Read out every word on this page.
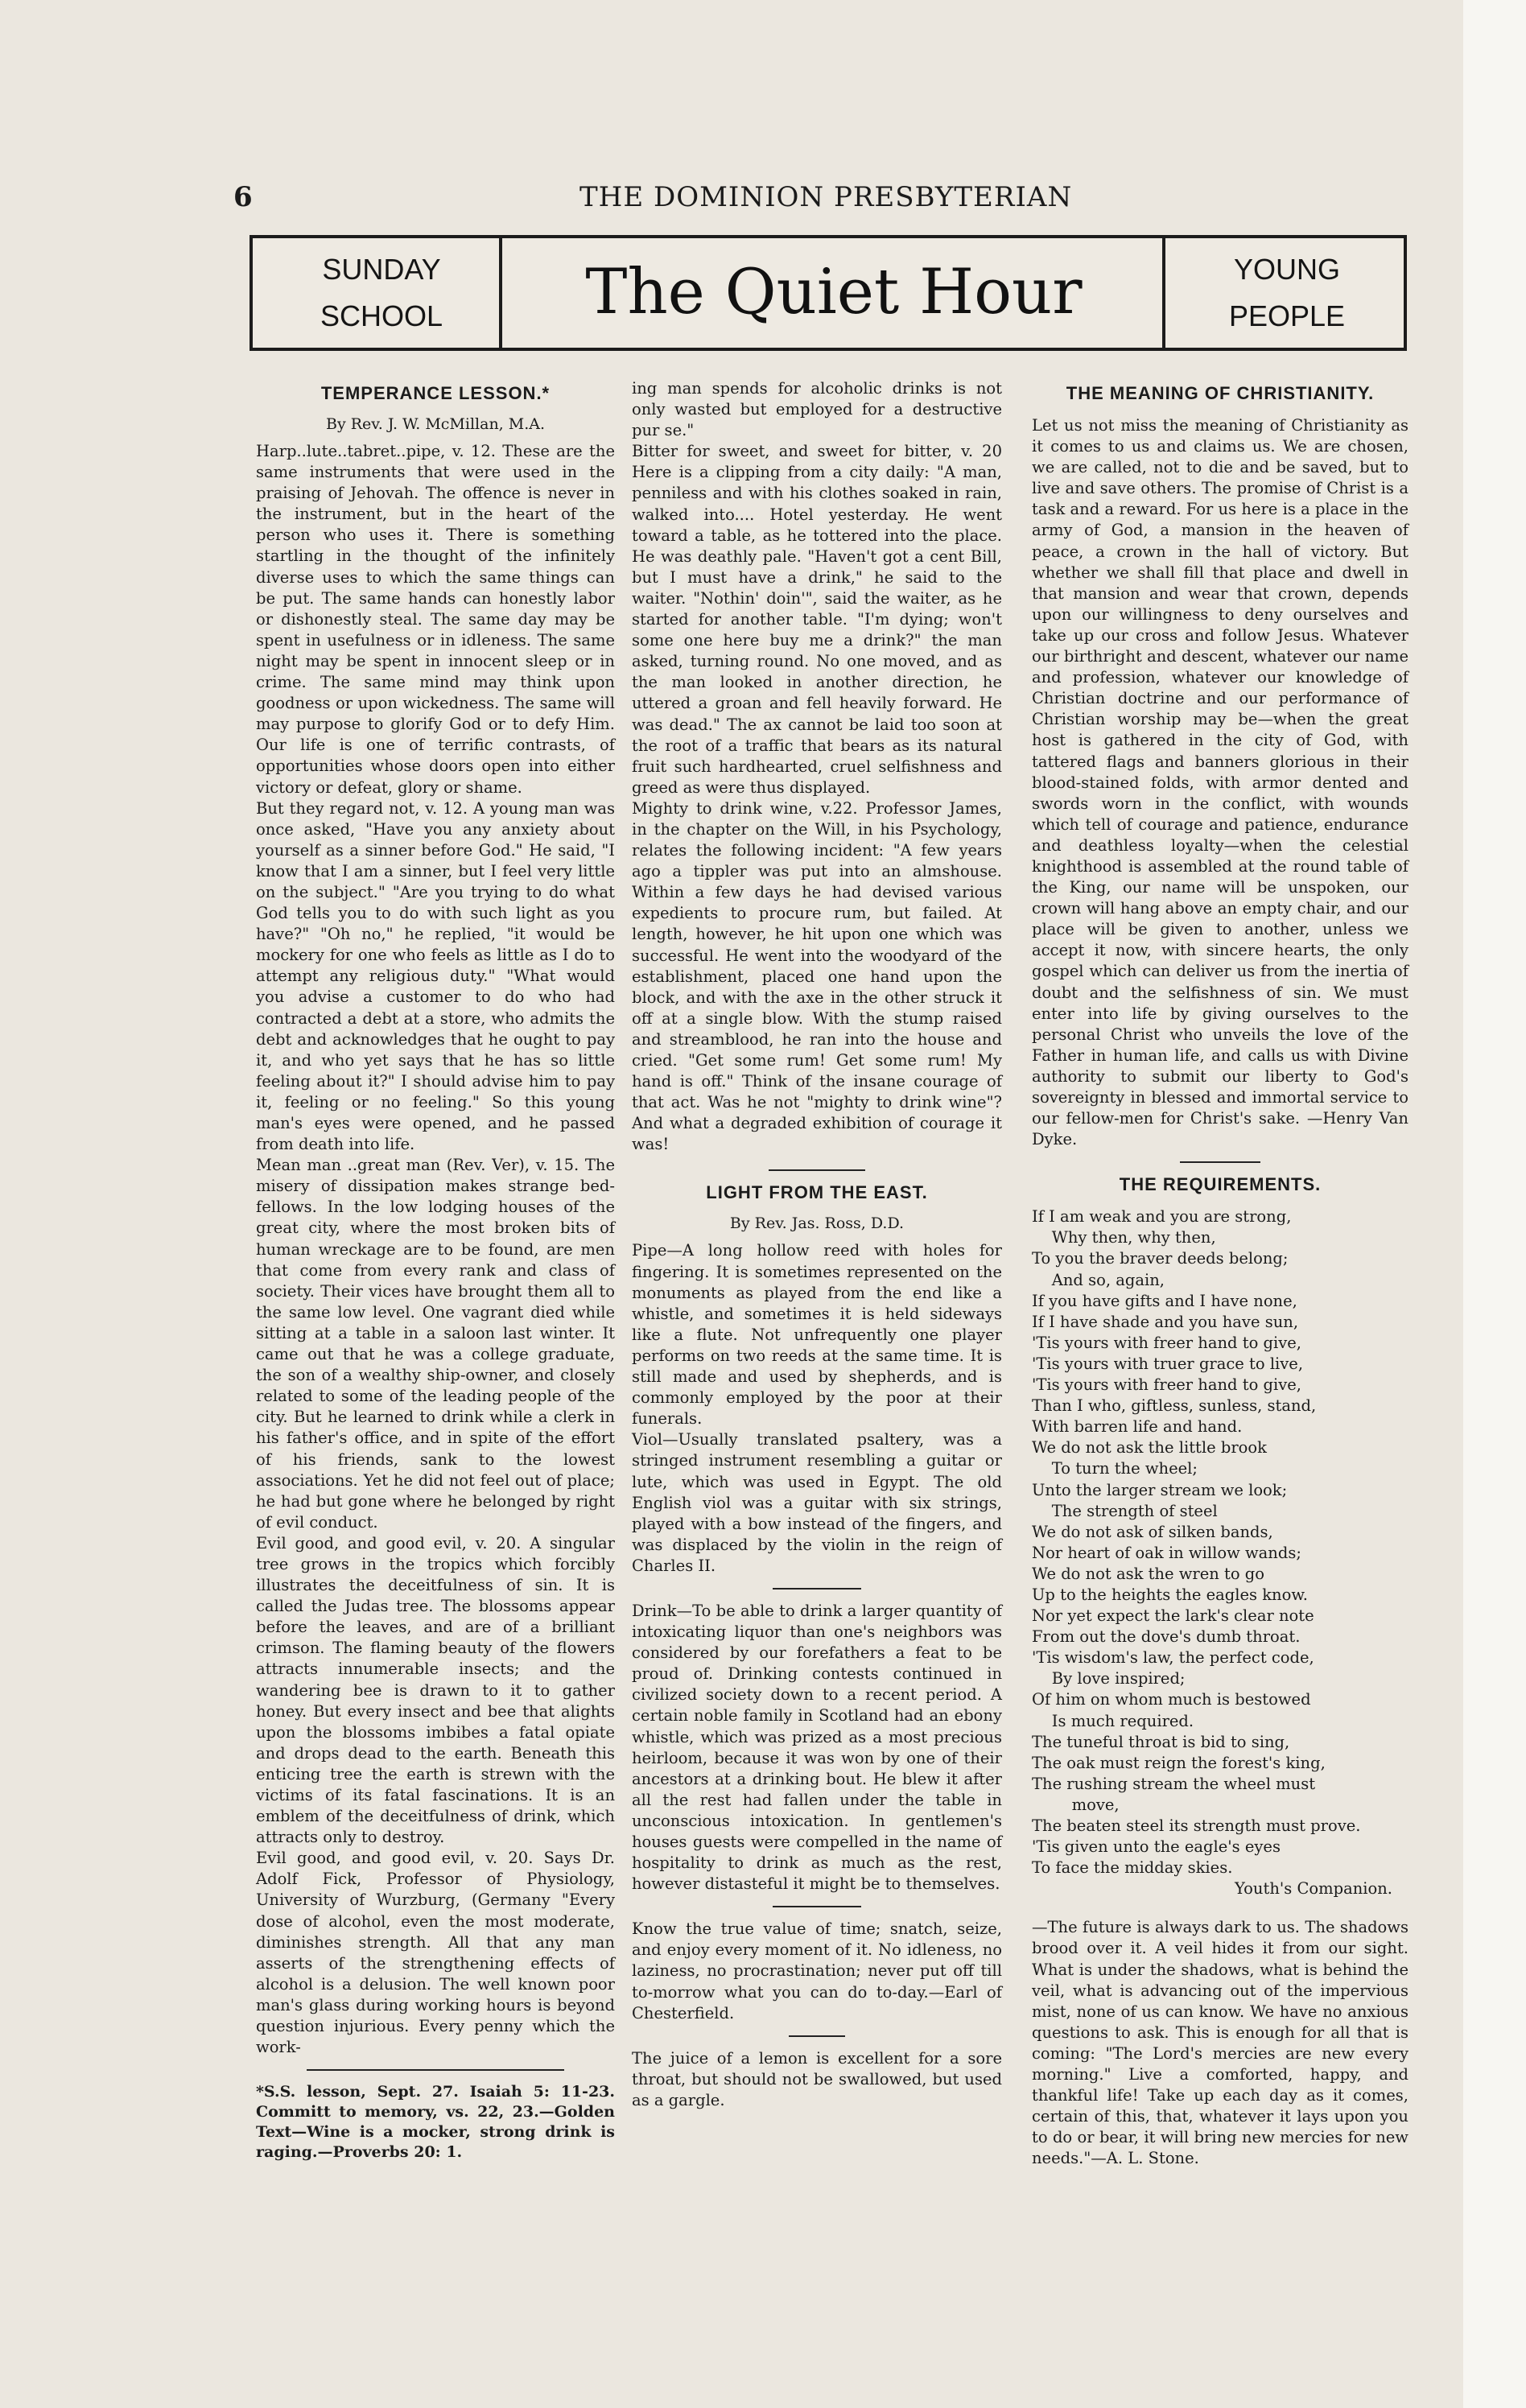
6	THE DOMINION PRESBYTERIAN
SUNDAY
SCHOOL	The Quiet Hour	YOUNG
PEOPLE
TEMPERANCE LESSON.*
By Rev. J. W. McMillan, M.A.

Harp..lute..tabret..pipe, v. 12. These are the same instruments that were used in the praising of Jehovah. The offence is never in the instrument, but in the heart of the person who uses it. There is something startling in the thought of the infinitely diverse uses to which the same things can be put. The same hands can honestly labor or dishonestly steal. The same day may be spent in usefulness or in idleness. The same night may be spent in innocent sleep or in crime. The same mind may think upon goodness or upon wickedness. The same will may purpose to glorify God or to defy Him. Our life is one of terrific contrasts, of opportunities whose doors open into either victory or defeat, glory or shame.

But they regard not, v. 12. A young man was once asked, "Have you any anxiety about yourself as a sinner before God." He said, "I know that I am a sinner, but I feel very little on the subject." "Are you trying to do what God tells you to do with such light as you have?" "Oh no," he replied, "it would be mockery for one who feels as little as I do to attempt any religious duty." "What would you advise a customer to do who had contracted a debt at a store, who admits the debt and acknowledges that he ought to pay it, and who yet says that he has so little feeling about it?" I should advise him to pay it, feeling or no feeling." So this young man's eyes were opened, and he passed from death into life.

Mean man ..great man (Rev. Ver), v. 15. The misery of dissipation makes strange bed-fellows. In the low lodging houses of the great city, where the most broken bits of human wreckage are to be found, are men that come from every rank and class of society. Their vices have brought them all to the same low level. One vagrant died while sitting at a table in a saloon last winter. It came out that he was a college graduate, the son of a wealthy ship-owner, and closely related to some of the leading people of the city. But he learned to drink while a clerk in his father's office, and in spite of the effort of his friends, sank to the lowest associations. Yet he did not feel out of place; he had but gone where he belonged by right of evil conduct.

Evil good, and good evil, v. 20. A singular tree grows in the tropics which forcibly illustrates the deceitfulness of sin. It is called the Judas tree. The blossoms appear before the leaves, and are of a brilliant crimson. The flaming beauty of the flowers attracts innumerable insects; and the wandering bee is drawn to it to gather honey. But every insect and bee that alights upon the blossoms imbibes a fatal opiate and drops dead to the earth. Beneath this enticing tree the earth is strewn with the victims of its fatal fascinations. It is an emblem of the deceitfulness of drink, which attracts only to destroy.

Evil good, and good evil, v. 20. Says Dr. Adolf Fick, Professor of Physiology, University of Wurzburg, (Germany "Every dose of alcohol, even the most moderate, diminishes strength. All that any man asserts of the strengthening effects of alcohol is a delusion. The well known poor man's glass during working hours is beyond question injurious. Every penny which the work-

*S.S. lesson, Sept. 27. Isaiah 5: 11-23. Committ to memory, vs. 22, 23.—Golden Text—Wine is a mocker, strong drink is raging.—Proverbs 20: 1.

ing man spends for alcoholic drinks is not only wasted but employed for a destructive pur se."

Bitter for sweet, and sweet for bitter, v. 20 Here is a clipping from a city daily: "A man, penniless and with his clothes soaked in rain, walked into.... Hotel yesterday. He went toward a table, as he tottered into the place. He was deathly pale. "Haven't got a cent Bill, but I must have a drink," he said to the waiter. "Nothin' doin'", said the waiter, as he started for another table. "I'm dying; won't some one here buy me a drink?" the man asked, turning round. No one moved, and as the man looked in another direction, he uttered a groan and fell heavily forward. He was dead." The ax cannot be laid too soon at the root of a traffic that bears as its natural fruit such hardhearted, cruel selfishness and greed as were thus displayed.

Mighty to drink wine, v.22. Professor James, in the chapter on the Will, in his Psychology, relates the following incident: "A few years ago a tippler was put into an almshouse. Within a few days he had devised various expedients to procure rum, but failed. At length, however, he hit upon one which was successful. He went into the woodyard of the establishment, placed one hand upon the block, and with the axe in the other struck it off at a single blow. With the stump raised and streamblood, he ran into the house and cried. "Get some rum! Get some rum! My hand is off." Think of the insane courage of that act. Was he not "mighty to drink wine"? And what a degraded exhibition of courage it was!

LIGHT FROM THE EAST.
By Rev. Jas. Ross, D.D.

Pipe—A long hollow reed with holes for fingering. It is sometimes represented on the monuments as played from the end like a whistle, and sometimes it is held sideways like a flute. Not unfrequently one player performs on two reeds at the same time. It is still made and used by shepherds, and is commonly employed by the poor at their funerals.

Viol—Usually translated psaltery, was a stringed instrument resembling a guitar or lute, which was used in Egypt. The old English viol was a guitar with six strings, played with a bow instead of the fingers, and was displaced by the violin in the reign of Charles II.

Drink—To be able to drink a larger quantity of intoxicating liquor than one's neighbors was considered by our forefathers a feat to be proud of. Drinking contests continued in civilized society down to a recent period. A certain noble family in Scotland had an ebony whistle, which was prized as a most precious heirloom, because it was won by one of their ancestors at a drinking bout. He blew it after all the rest had fallen under the table in unconscious intoxication. In gentlemen's houses guests were compelled in the name of hospitality to drink as much as the rest, however distasteful it might be to themselves.

Know the true value of time; snatch, seize, and enjoy every moment of it. No idleness, no laziness, no procrastination; never put off till to-morrow what you can do to-day.—Earl of Chesterfield.

The juice of a lemon is excellent for a sore throat, but should not be swallowed, but used as a gargle.

THE MEANING OF CHRISTIANITY.

Let us not miss the meaning of Christianity as it comes to us and claims us. We are chosen, we are called, not to die and be saved, but to live and save others. The promise of Christ is a task and a reward. For us here is a place in the army of God, a mansion in the heaven of peace, a crown in the hall of victory. But whether we shall fill that place and dwell in that mansion and wear that crown, depends upon our willingness to deny ourselves and take up our cross and follow Jesus. Whatever our birthright and descent, whatever our name and profession, whatever our knowledge of Christian doctrine and our performance of Christian worship may be—when the great host is gathered in the city of God, with tattered flags and banners glorious in their blood-stained folds, with armor dented and swords worn in the conflict, with wounds which tell of courage and patience, endurance and deathless loyalty—when the celestial knighthood is assembled at the round table of the King, our name will be unspoken, our crown will hang above an empty chair, and our place will be given to another, unless we accept it now, with sincere hearts, the only gospel which can deliver us from the inertia of doubt and the selfishness of sin. We must enter into life by giving ourselves to the personal Christ who unveils the love of the Father in human life, and calls us with Divine authority to submit our liberty to God's sovereignty in blessed and immortal service to our fellow-men for Christ's sake. —Henry Van Dyke.

THE REQUIREMENTS.
If I am weak and you are strong,
Why then, why then,
To you the braver deeds belong;
And so, again,
If you have gifts and I have none,
If I have shade and you have sun,
'Tis yours with freer hand to give,
'Tis yours with truer grace to live,
'Tis yours with freer hand to give,
Than I who, giftless, sunless, stand,
With barren life and hand.
We do not ask the little brook
To turn the wheel;
Unto the larger stream we look;
The strength of steel
We do not ask of silken bands,
Nor heart of oak in willow wands;
We do not ask the wren to go
Up to the heights the eagles know.
Nor yet expect the lark's clear note
From out the dove's dumb throat.
'Tis wisdom's law, the perfect code,
By love inspired;
Of him on whom much is bestowed
Is much required.
The tuneful throat is bid to sing,
The oak must reign the forest's king,
The rushing stream the wheel must
move,
The beaten steel its strength must prove.
'Tis given unto the eagle's eyes
To face the midday skies.
Youth's Companion.

—The future is always dark to us. The shadows brood over it. A veil hides it from our sight. What is under the shadows, what is behind the veil, what is advancing out of the impervious mist, none of us can know. We have no anxious questions to ask. This is enough for all that is coming: "The Lord's mercies are new every morning." Live a comforted, happy, and thankful life! Take up each day as it comes, certain of this, that, whatever it lays upon you to do or bear, it will bring new mercies for new needs."—A. L. Stone.
